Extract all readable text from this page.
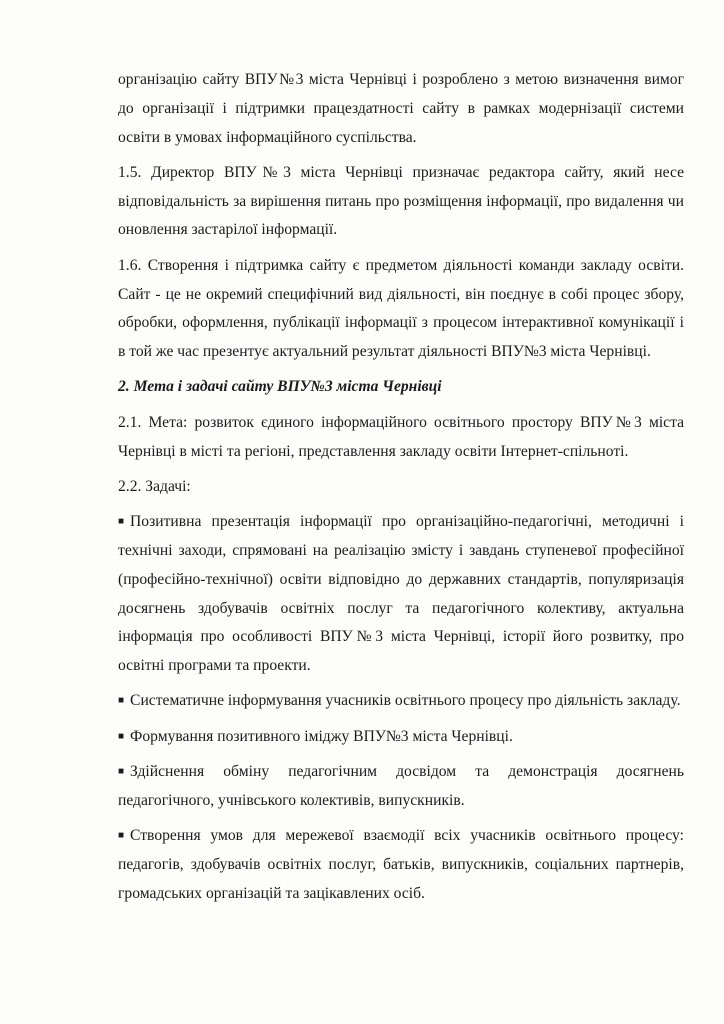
організацію сайту ВПУ№3 міста Чернівці і розроблено з метою визначення вимог до організації і підтримки працездатності сайту в рамках модернізації системи освіти в умовах інформаційного суспільства.

1.5. Директор ВПУ№3 міста Чернівці призначає редактора сайту, який несе відповідальність за вирішення питань про розміщення інформації, про видалення чи оновлення застарілої інформації.

1.6. Створення і підтримка сайту є предметом діяльності команди закладу освіти. Сайт - це не окремий специфічний вид діяльності, він поєднує в собі процес збору, обробки, оформлення, публікації інформації з процесом інтерактивної комунікації і в той же час презентує актуальний результат діяльності ВПУ№3 міста Чернівці.

2. Мета і задачі сайту ВПУ№3 міста Чернівці

2.1. Мета: розвиток єдиного інформаційного освітнього простору ВПУ№3 міста Чернівці в місті та регіоні, представлення закладу освіти Інтернет-спільноті.

2.2. Задачі:

■ Позитивна презентація інформації про організаційно-педагогічні, методичні і технічні заходи, спрямовані на реалізацію змісту і завдань ступеневої професійної (професійно-технічної) освіти відповідно до державних стандартів, популяризація досягнень здобувачів освітніх послуг та педагогічного колективу, актуальна інформація про особливості ВПУ№3 міста Чернівці, історії його розвитку, про освітні програми та проекти.

■ Систематичне інформування учасників освітнього процесу про діяльність закладу.

■ Формування позитивного іміджу ВПУ№3 міста Чернівці.

■ Здійснення обміну педагогічним досвідом та демонстрація досягнень педагогічного, учнівського колективів, випускників.

■ Створення умов для мережевої взаємодії всіх учасників освітнього процесу: педагогів, здобувачів освітніх послуг, батьків, випускників, соціальних партнерів, громадських організацій та зацікавлених осіб.
